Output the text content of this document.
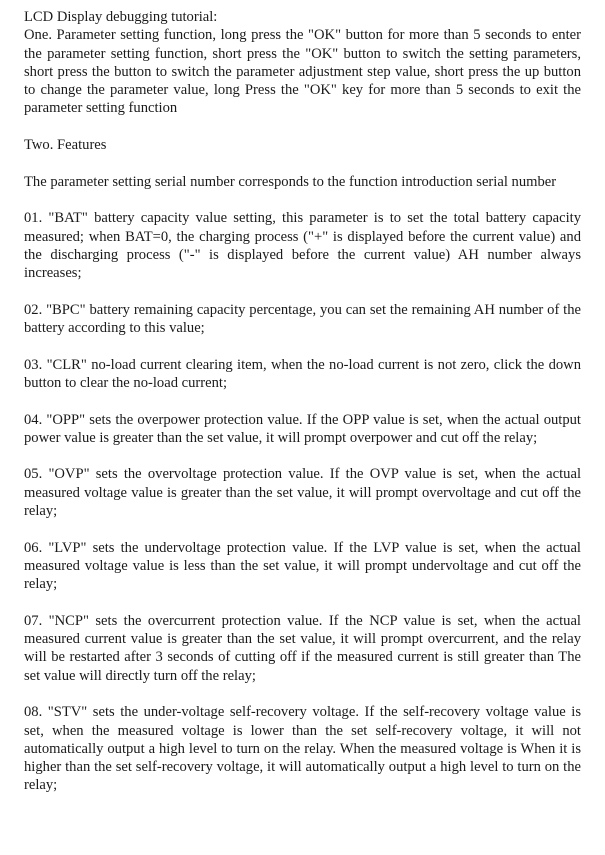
LCD Display debugging tutorial:

One. Parameter setting function, long press the "OK" button for more than 5 seconds to enter the parameter setting function, short press the "OK" button to switch the setting parameters, short press the button to switch the parameter adjustment step value, short press the up button to change the parameter value, long Press the "OK" key for more than 5 seconds to exit the parameter setting function

Two. Features

The parameter setting serial number corresponds to the function introduction serial number

01. "BAT" battery capacity value setting, this parameter is to set the total battery capacity measured; when BAT=0, the charging process ("+" is displayed before the current value) and the discharging process ("-" is displayed before the current value) AH number always increases;

02. "BPC" battery remaining capacity percentage, you can set the remaining AH number of the battery according to this value;

03. "CLR" no-load current clearing item, when the no-load current is not zero, click the down button to clear the no-load current;

04. "OPP" sets the overpower protection value. If the OPP value is set, when the actual output power value is greater than the set value, it will prompt overpower and cut off the relay;

05. "OVP" sets the overvoltage protection value. If the OVP value is set, when the actual measured voltage value is greater than the set value, it will prompt overvoltage and cut off the relay;

06. "LVP" sets the undervoltage protection value. If the LVP value is set, when the actual measured voltage value is less than the set value, it will prompt undervoltage and cut off the relay;

07. "NCP" sets the overcurrent protection value. If the NCP value is set, when the actual measured current value is greater than the set value, it will prompt overcurrent, and the relay will be restarted after 3 seconds of cutting off if the measured current is still greater than The set value will directly turn off the relay;

08. "STV" sets the under-voltage self-recovery voltage. If the self-recovery voltage value is set, when the measured voltage is lower than the set self-recovery voltage, it will not automatically output a high level to turn on the relay. When the measured voltage is When it is higher than the set self-recovery voltage, it will automatically output a high level to turn on the relay;
